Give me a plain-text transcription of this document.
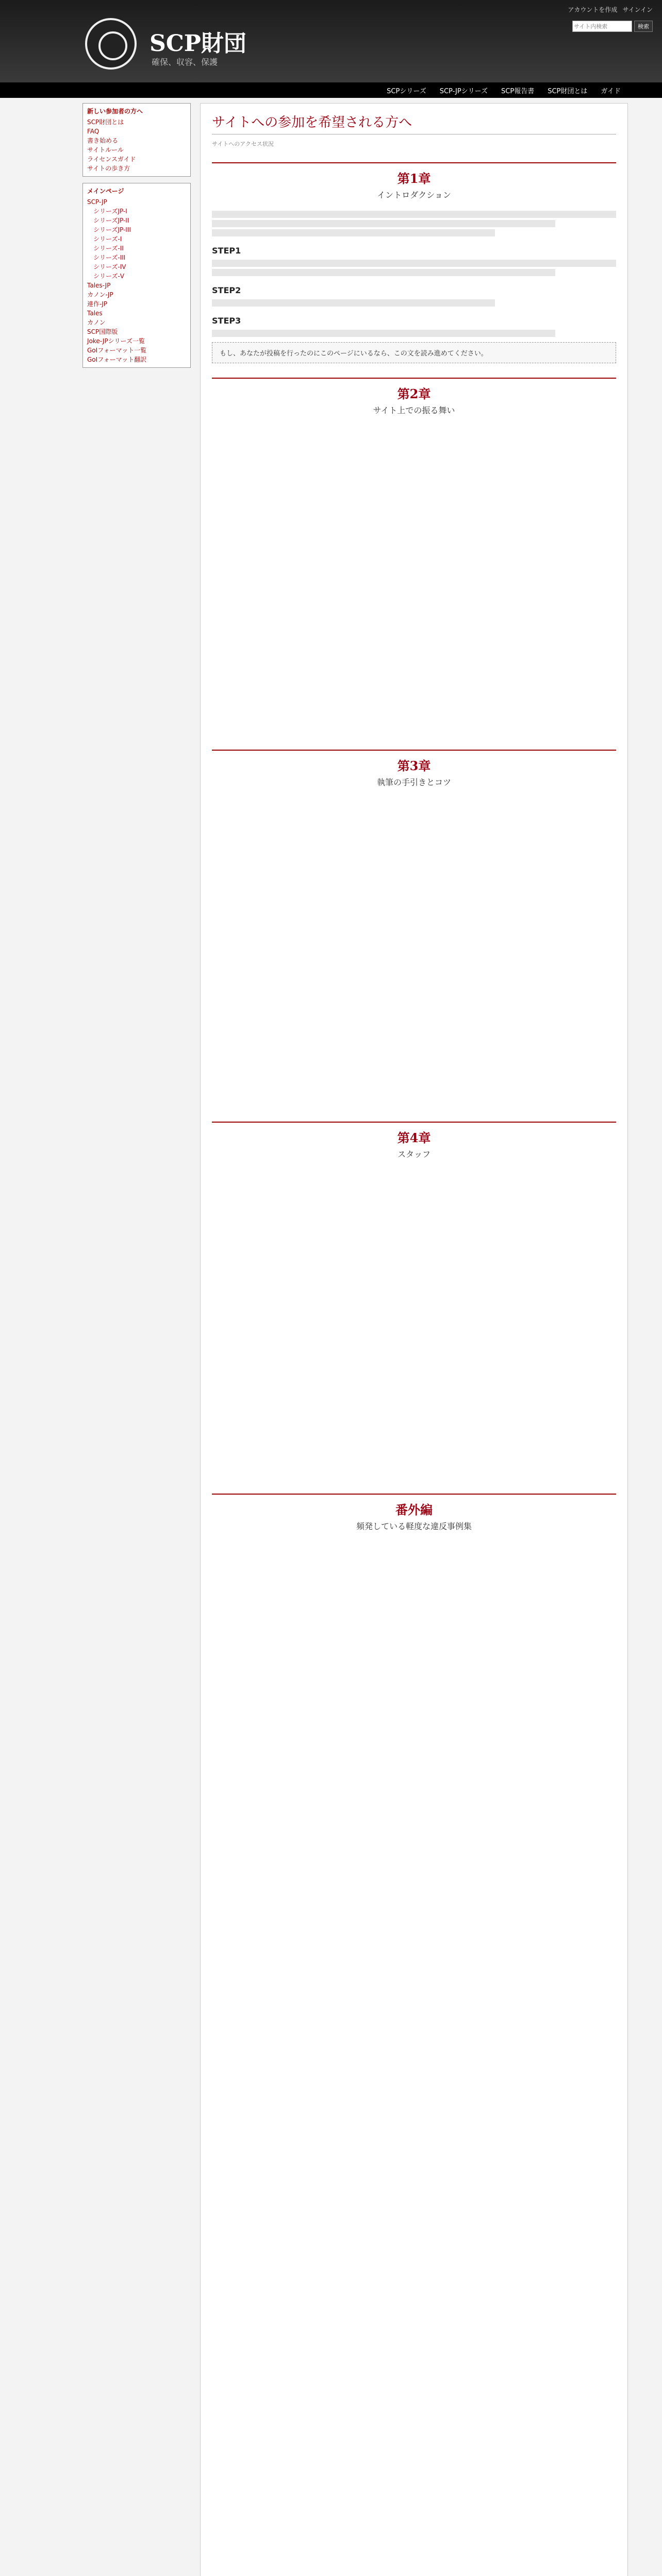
アカウントを作成 サインイン
SCP財団
確保、収容、保護
サイト内検索
検索
SCPシリーズ SCP-JPシリーズ SCP報告書 SCP財団とは ガイド
新しい参加者の方へ
SCP財団とは
FAQ
書き始める
サイトルール
ライセンスガイド
サイトの歩き方
メインページ
SCP-JP
シリーズJP-I
シリーズJP-II
シリーズJP-III
シリーズ-I
シリーズ-II
シリーズ-III
シリーズ-IV
シリーズ-V
Tales-JP
カノン-JP
連作-JP
Tales
カノン
SCP国際版
Joke-JPシリーズ一覧
GoIフォーマット一覧
GoIフォーマット翻訳
サイトへの参加を希望される方へ
サイトへのアクセス状況
第1章
イントロダクション
STEP1
STEP2
STEP3
もし、あなたが投稿を行ったのにこのページにいるなら、この文を読み進めてください。
第2章
サイト上での振る舞い
第3章
執筆の手引きとコツ
第4章
スタッフ
番外編
頻発している軽度な違反事例集
